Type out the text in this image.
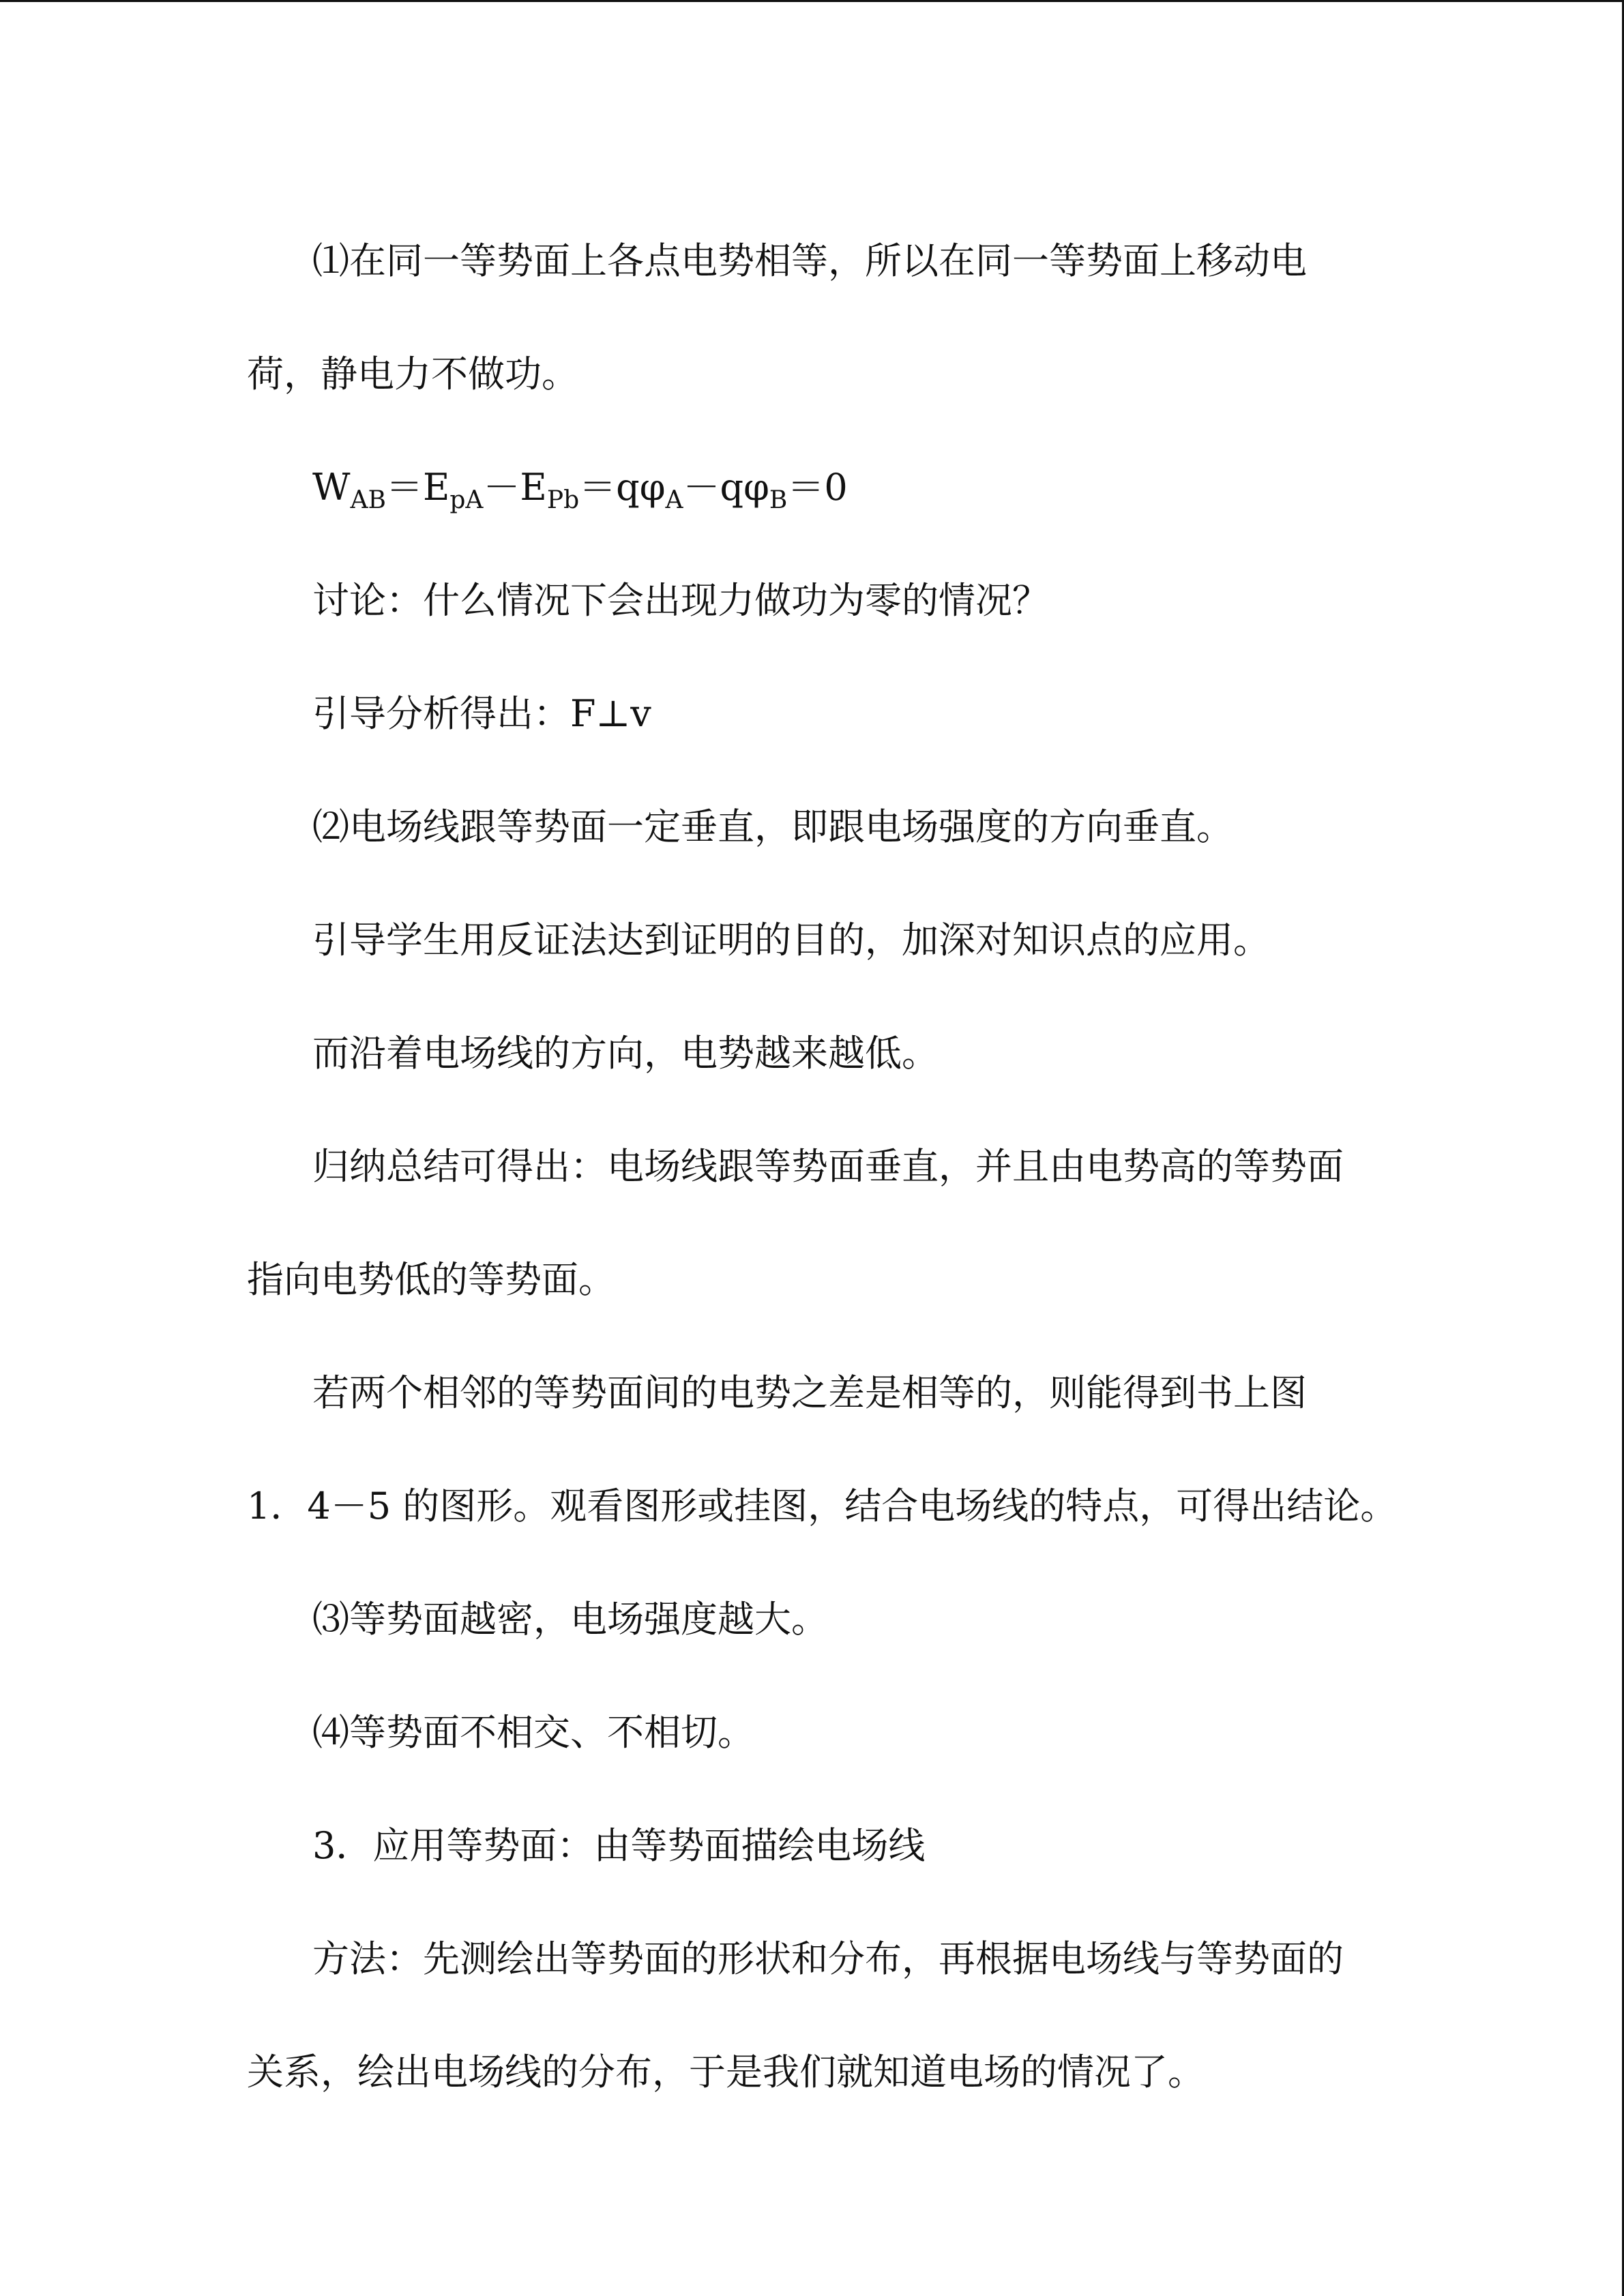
⑴在同一等势面上各点电势相等，所以在同一等势面上移动电
荷，静电力不做功。

$W_{AB}=E_{pA}-E_{Pb}=q\varphi_A-q\varphi_B=0$

讨论：什么情况下会出现力做功为零的情况？

引导分析得出：F⊥v

⑵电场线跟等势面一定垂直，即跟电场强度的方向垂直。

引导学生用反证法达到证明的目的，加深对知识点的应用。

而沿着电场线的方向，电势越来越低。

归纳总结可得出：电场线跟等势面垂直，并且由电势高的等势面
指向电势低的等势面。

若两个相邻的等势面间的电势之差是相等的，则能得到书上图
1．4－5 的图形。观看图形或挂图，结合电场线的特点，可得出结论。

⑶等势面越密，电场强度越大。

⑷等势面不相交、不相切。

3．应用等势面：由等势面描绘电场线

方法：先测绘出等势面的形状和分布，再根据电场线与等势面的
关系，绘出电场线的分布，于是我们就知道电场的情况了。
